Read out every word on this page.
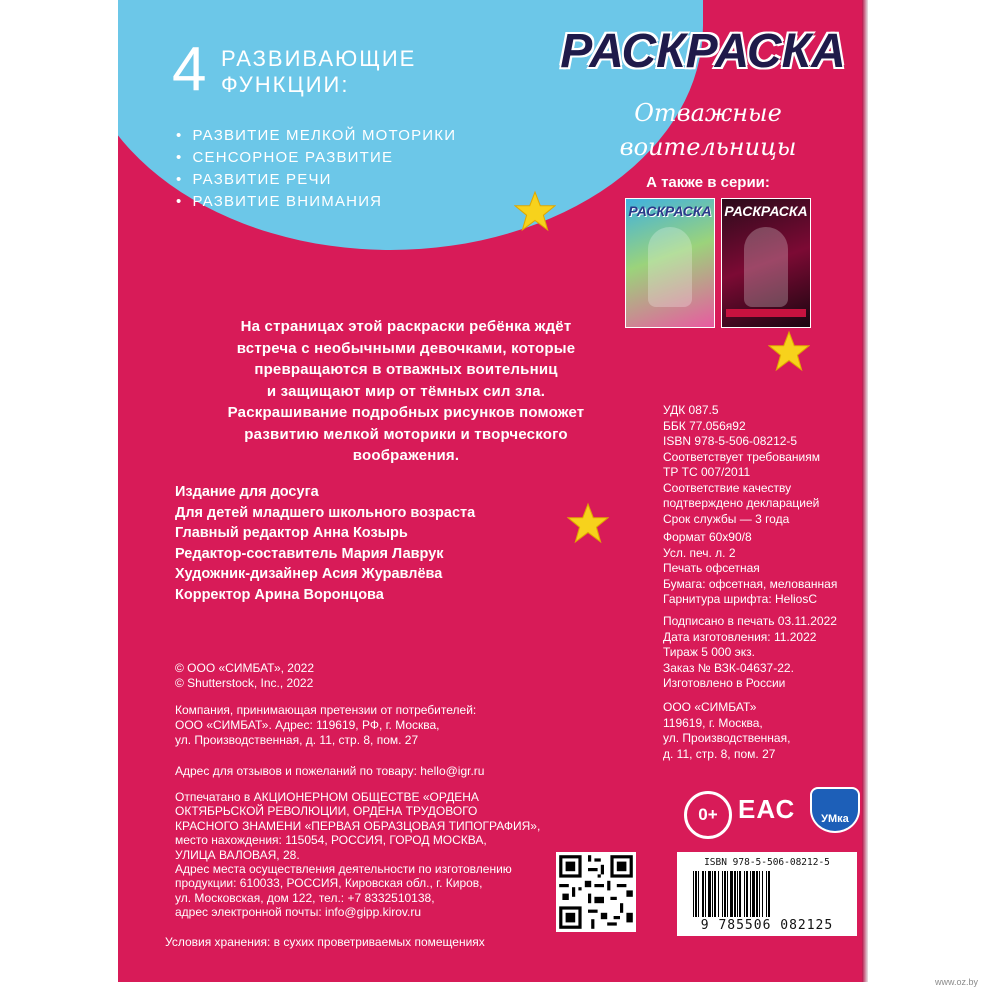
4 РАЗВИВАЮЩИЕ
ФУНКЦИИ:
• РАЗВИТИЕ МЕЛКОЙ МОТОРИКИ
• СЕНСОРНОЕ РАЗВИТИЕ
• РАЗВИТИЕ РЕЧИ
• РАЗВИТИЕ ВНИМАНИЯ
РАСКРАСКА
Отважные
воительницы
А также в серии:
РАСКРАСКА РАСКРАСКА
На страницах этой раскраски ребёнка ждёт
встреча с необычными девочками, которые
превращаются в отважных воительниц
и защищают мир от тёмных сил зла.
Раскрашивание подробных рисунков поможет
развитию мелкой моторики и творческого
воображения.
Издание для досуга
Для детей младшего школьного возраста
Главный редактор Анна Козырь
Редактор-составитель Мария Лаврук
Художник-дизайнер Асия Журавлёва
Корректор Арина Воронцова
© ООО «СИМБАТ», 2022
© Shutterstock, Inc., 2022
Компания, принимающая претензии от потребителей:
ООО «СИМБАТ». Адрес: 119619, РФ, г. Москва,
ул. Производственная, д. 11, стр. 8, пом. 27
Адрес для отзывов и пожеланий по товару: hello@igr.ru
Отпечатано в АКЦИОНЕРНОМ ОБЩЕСТВЕ «ОРДЕНА
ОКТЯБРЬСКОЙ РЕВОЛЮЦИИ, ОРДЕНА ТРУДОВОГО
КРАСНОГО ЗНАМЕНИ «ПЕРВАЯ ОБРАЗЦОВАЯ ТИПОГРАФИЯ»,
место нахождения: 115054, РОССИЯ, ГОРОД МОСКВА,
УЛИЦА ВАЛОВАЯ, 28.
Адрес места осуществления деятельности по изготовлению
продукции: 610033, РОССИЯ, Кировская обл., г. Киров,
ул. Московская, дом 122, тел.: +7 8332510138,
адрес электронной почты: info@gipp.kirov.ru
Условия хранения: в сухих проветриваемых помещениях
УДК 087.5
ББК 77.056я92
ISBN 978-5-506-08212-5
Соответствует требованиям
ТР ТС 007/2011
Соответствие качеству
подтверждено декларацией
Срок службы — 3 года
Формат 60х90/8
Усл. печ. л. 2
Печать офсетная
Бумага: офсетная, мелованная
Гарнитура шрифта: HeliosC
Подписано в печать 03.11.2022
Дата изготовления: 11.2022
Тираж 5 000 экз.
Заказ № ВЗК-04637-22.
Изготовлено в России
ООО «СИМБАТ»
119619, г. Москва,
ул. Производственная,
д. 11, стр. 8, пом. 27
0+ ЕАС	УМка
ISBN 978-5-506-08212-5
9 785506 082125
www.oz.by
